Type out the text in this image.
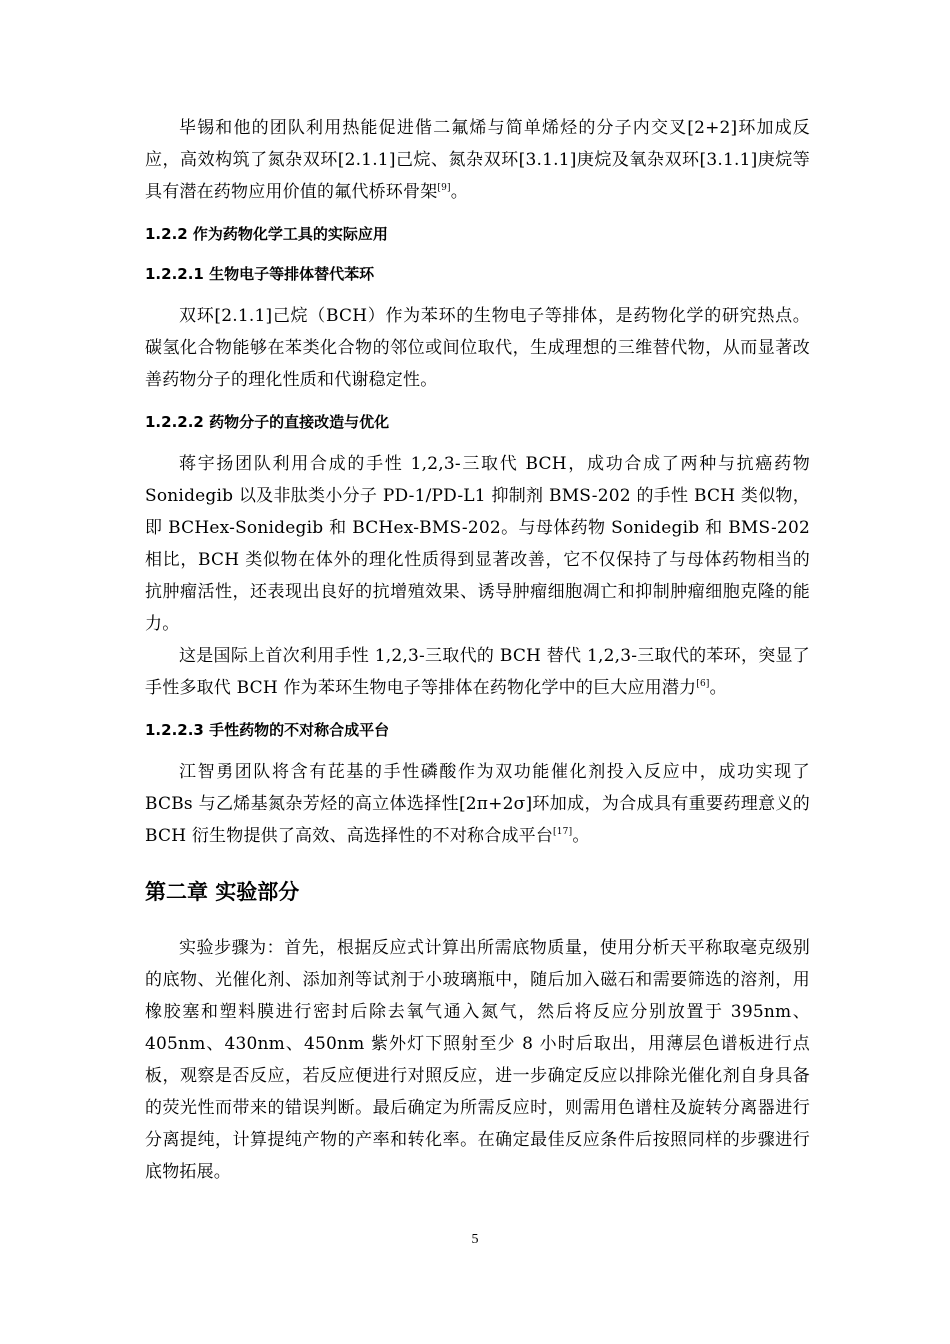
毕锡和他的团队利用热能促进偕二氟烯与简单烯烃的分子内交叉[2+2]环加成反应，高效构筑了氮杂双环[2.1.1]己烷、氮杂双环[3.1.1]庚烷及氧杂双环[3.1.1]庚烷等具有潜在药物应用价值的氟代桥环骨架[9]。

1.2.2 作为药物化学工具的实际应用
1.2.2.1 生物电子等排体替代苯环

双环[2.1.1]己烷（BCH）作为苯环的生物电子等排体，是药物化学的研究热点。碳氢化合物能够在苯类化合物的邻位或间位取代，生成理想的三维替代物，从而显著改善药物分子的理化性质和代谢稳定性。

1.2.2.2 药物分子的直接改造与优化

蒋宇扬团队利用合成的手性 1,2,3-三取代 BCH，成功合成了两种与抗癌药物 Sonidegib 以及非肽类小分子 PD-1/PD-L1 抑制剂 BMS-202 的手性 BCH 类似物，即 BCHex-Sonidegib 和 BCHex-BMS-202。与母体药物 Sonidegib 和 BMS-202 相比，BCH 类似物在体外的理化性质得到显著改善，它不仅保持了与母体药物相当的抗肿瘤活性，还表现出良好的抗增殖效果、诱导肿瘤细胞凋亡和抑制肿瘤细胞克隆的能力。

这是国际上首次利用手性 1,2,3-三取代的 BCH 替代 1,2,3-三取代的苯环，突显了手性多取代 BCH 作为苯环生物电子等排体在药物化学中的巨大应用潜力[6]。

1.2.2.3 手性药物的不对称合成平台

江智勇团队将含有芘基的手性磷酸作为双功能催化剂投入反应中，成功实现了 BCBs 与乙烯基氮杂芳烃的高立体选择性[2π+2σ]环加成，为合成具有重要药理意义的 BCH 衍生物提供了高效、高选择性的不对称合成平台[17]。

第二章 实验部分

实验步骤为：首先，根据反应式计算出所需底物质量，使用分析天平称取毫克级别的底物、光催化剂、添加剂等试剂于小玻璃瓶中，随后加入磁石和需要筛选的溶剂，用橡胶塞和塑料膜进行密封后除去氧气通入氮气，然后将反应分别放置于 395nm、405nm、430nm、450nm 紫外灯下照射至少 8 小时后取出，用薄层色谱板进行点板，观察是否反应，若反应便进行对照反应，进一步确定反应以排除光催化剂自身具备的荧光性而带来的错误判断。最后确定为所需反应时，则需用色谱柱及旋转分离器进行分离提纯，计算提纯产物的产率和转化率。在确定最佳反应条件后按照同样的步骤进行底物拓展。

5
